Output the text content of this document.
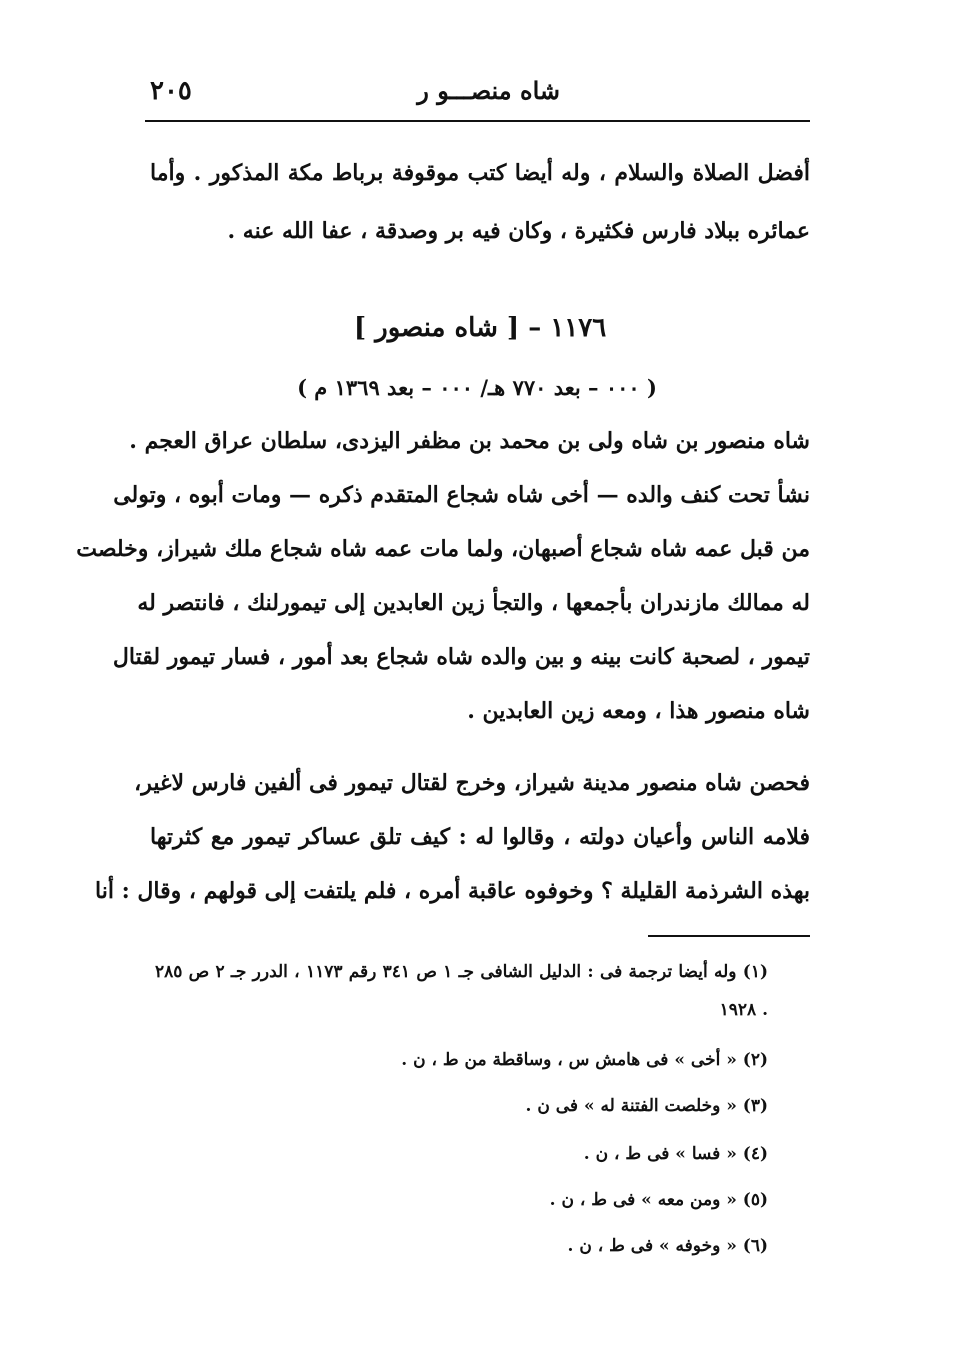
شاه منصـــو ر
٢٠٥
أفضل الصلاة والسلام ، وله أيضا كتب موقوفة برباط مكة المذكور . وأما
عمائره ببلاد فارس فكثيرة ، وكان فيه بر وصدقة ، عفا الله عنه .
١١٧٦ – [ شاه منصور ]
( ٠٠٠ – بعد ٧٧٠ هـ/ ٠٠٠ – بعد ١٣٦٩ م )
شاه منصور بن شاه ولى بن محمد بن مظفر اليزدى، سلطان عراق العجم .
نشأ تحت كنف والده — أخى شاه شجاع المتقدم ذكره — ومات أبوه ، وتولى
من قبل عمه شاه شجاع أصبهان، ولما مات عمه شاه شجاع ملك شيراز، وخلصت
له ممالك مازندران بأجمعها ، والتجأ زين العابدين إلى تيمورلنك ، فانتصر له
تيمور ، لصحبة كانت بينه و بين والده شاه شجاع بعد أمور ، فسار تيمور لقتال
شاه منصور هذا ، ومعه زين العابدين .
فحصن شاه منصور مدينة شيراز، وخرج لقتال تيمور فى ألفين فارس لاغير،
فلامه الناس وأعيان دولته ، وقالوا له : كيف تلق عساكر تيمور مع كثرتها
بهذه الشرذمة القليلة ؟ وخوفوه عاقبة أمره ، فلم يلتفت إلى قولهم ، وقال : أنا
(١) وله أيضا ترجمة فى : الدليل الشافى جـ ١ ص ٣٤١ رقم ١١٧٣ ، الدرر جـ ٢ ص ٢٨٥
١٩٢٨ .
(٢) « أخى » فى هامش س ، وساقطة من ط ، ن .
(٣) « وخلصت الفتنة له » فى ن .
(٤) « فسا » فى ط ، ن .
(٥) « ومن معه » فى ط ، ن .
(٦) « وخوفه » فى ط ، ن .
